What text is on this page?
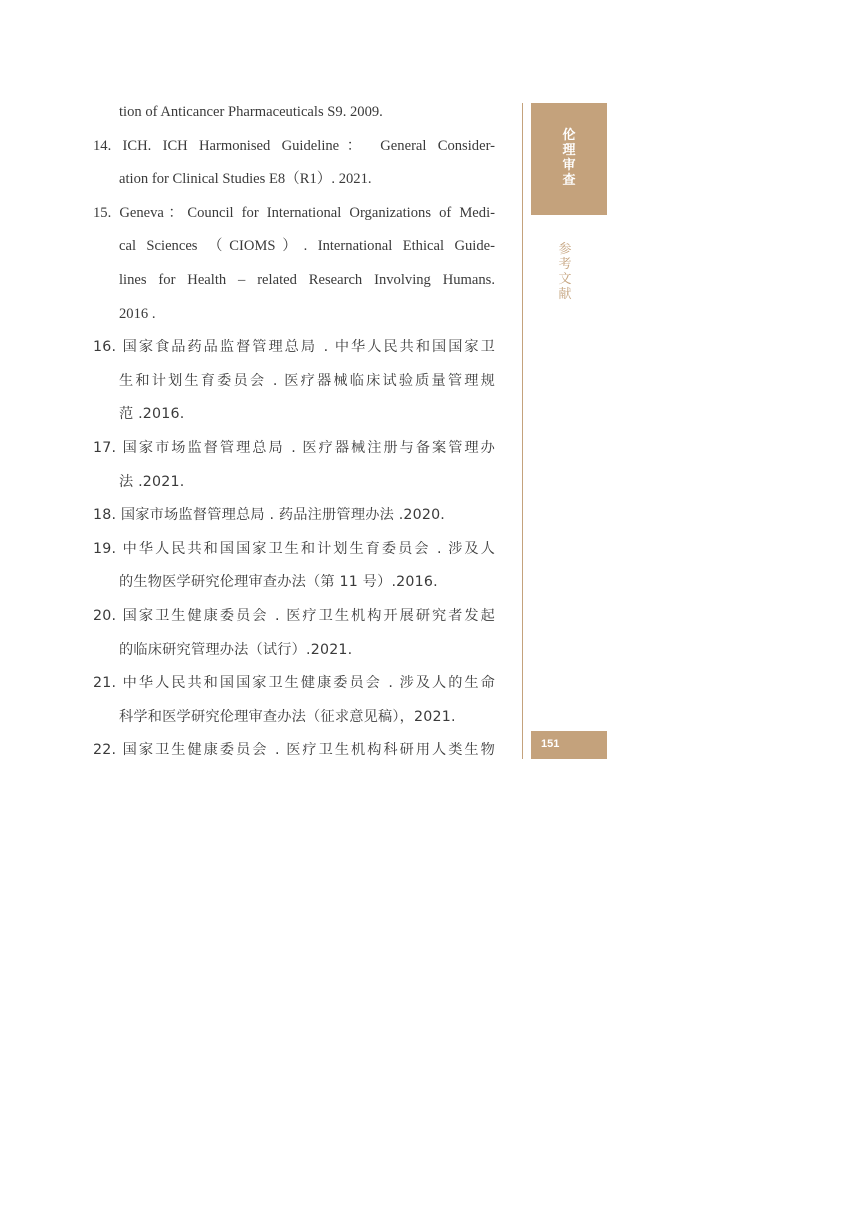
tion of Anticancer Pharmaceuticals S9. 2009.
14. ICH. ICH Harmonised Guideline： General Consider-
ation for Clinical Studies E8（R1）. 2021.
15. Geneva：Council for International Organizations of Medi-
cal Sciences （CIOMS）. International Ethical Guide-
lines for Health – related Research Involving Humans.
2016 .
16. 国家食品药品监督管理总局 . 中华人民共和国国家卫
生和计划生育委员会 . 医疗器械临床试验质量管理规
范 .2016.
17. 国家市场监督管理总局 . 医疗器械注册与备案管理办
法 .2021.
18. 国家市场监督管理总局 . 药品注册管理办法 .2020.
19. 中华人民共和国国家卫生和计划生育委员会 . 涉及人
的生物医学研究伦理审查办法（第 11 号）.2016.
20. 国家卫生健康委员会 . 医疗卫生机构开展研究者发起
的临床研究管理办法（试行）.2021.
21. 中华人民共和国国家卫生健康委员会 . 涉及人的生命
科学和医学研究伦理审查办法（征求意见稿），2021.
22. 国家卫生健康委员会 . 医疗卫生机构科研用人类生物
伦
理
审
查
参
考
文
献
151
